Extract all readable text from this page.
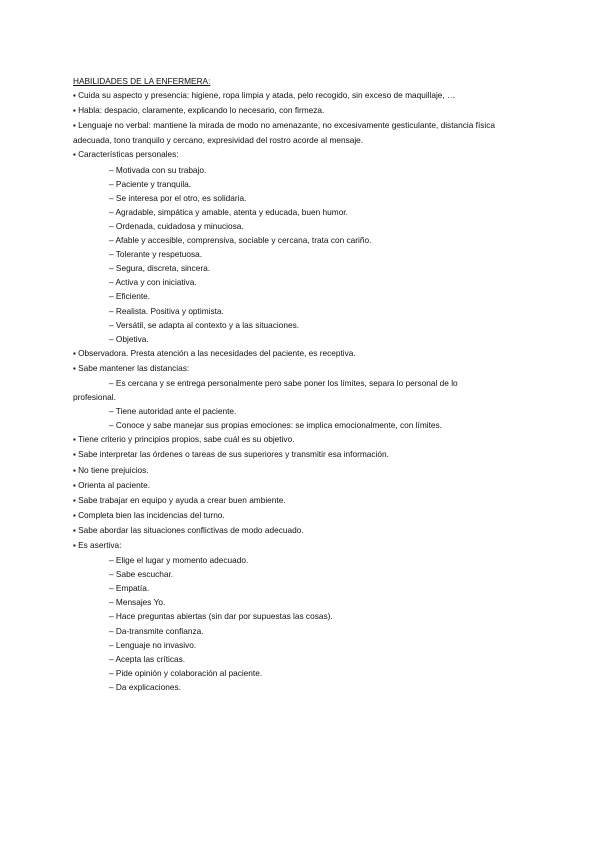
HABILIDADES DE LA ENFERMERA:

▪ Cuida su aspecto y presencia: higiene, ropa limpia y atada, pelo recogido, sin exceso de maquillaje, …

▪ Habla: despacio, claramente, explicando lo necesario, con firmeza.

▪ Lenguaje no verbal: mantiene la mirada de modo no amenazante, no excesivamente gesticulante, distancia física adecuada, tono tranquilo y cercano, expresividad del rostro acorde al mensaje.

▪ Características personales:

– Motivada con su trabajo.

– Paciente y tranquila.

– Se interesa por el otro, es solidaria.

– Agradable, simpática y amable, atenta y educada, buen humor.

– Ordenada, cuidadosa y minuciosa.

– Afable y accesible, comprensiva, sociable y cercana, trata con cariño.

– Tolerante y respetuosa.

– Segura, discreta, sincera.

– Activa y con iniciativa.

– Eficiente.

– Realista. Positiva y optimista.

– Versátil, se adapta al contexto y a las situaciones.

– Objetiva.

▪ Observadora. Presta atención a las necesidades del paciente, es receptiva.

▪ Sabe mantener las distancias:

– Es cercana y se entrega personalmente pero sabe poner los límites, separa lo personal de lo

profesional.

– Tiene autoridad ante el paciente.

– Conoce y sabe manejar sus propias emociones: se implica emocionalmente, con límites.

▪ Tiene criterio y principios propios, sabe cuál es su objetivo.

▪ Sabe interpretar las órdenes o tareas de sus superiores y transmitir esa información.

▪ No tiene prejuicios.

▪ Orienta al paciente.

▪ Sabe trabajar en equipo y ayuda a crear buen ambiente.

▪ Completa bien las incidencias del turno.

▪ Sabe abordar las situaciones conflictivas de modo adecuado.

▪ Es asertiva:

– Elige el lugar y momento adecuado.

– Sabe escuchar.

– Empatía.

– Mensajes Yo.

– Hace preguntas abiertas (sin dar por supuestas las cosas).

– Da-transmite confianza.

– Lenguaje no invasivo.

– Acepta las críticas.

– Pide opinión y colaboración al paciente.

– Da explicaciones.
